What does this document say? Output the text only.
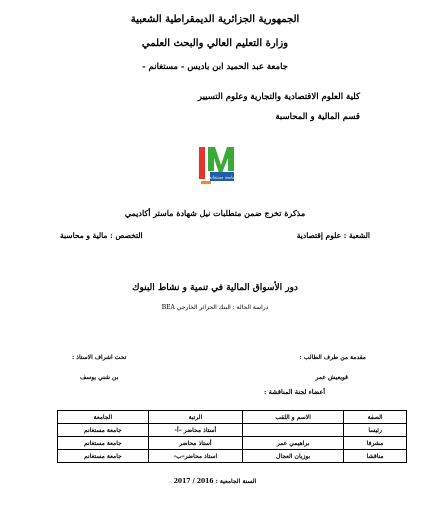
الجمهورية الجزائرية الديمقراطية الشعبية
وزارة التعليم العالي والبحث العلمي
جامعة عبد الحميد ابن باديس - مستغانم -
كلية العلوم الاقتصادية والتجارية وعلوم التسيير
قسم المالية و المحاسبة
جامعة مستغانم
مذكرة تخرج ضمن متطلبات نيل شهادة ماستر أكاديمي
الشعبة : علوم إقتصادية
التخصص : مالية و محاسبة
دور الأسواق المالية في تنمية و نشاط البنوك
دراسة الحالة : البنك الجزائر الخارجي BEA
مقدمة من طرف الطالب :
قويعيش عمر
تحت اشراف الاستاذ :
بن شني يوسف
أعضاء لجنة المناقشة :
الصفة	الاسم و اللقب	الرتبة	الجامعة
رئيسا		أستاذ محاضر –أ-	جامعة مستغانم
مشرفا	براهيمي عمر	أستاذ محاضر	جامعة مستغانم
مناقشا	بوزيان العجال	استاذ محاضر–ب-	جامعة مستغانم
السنة الجامعية : 2016 / 2017
